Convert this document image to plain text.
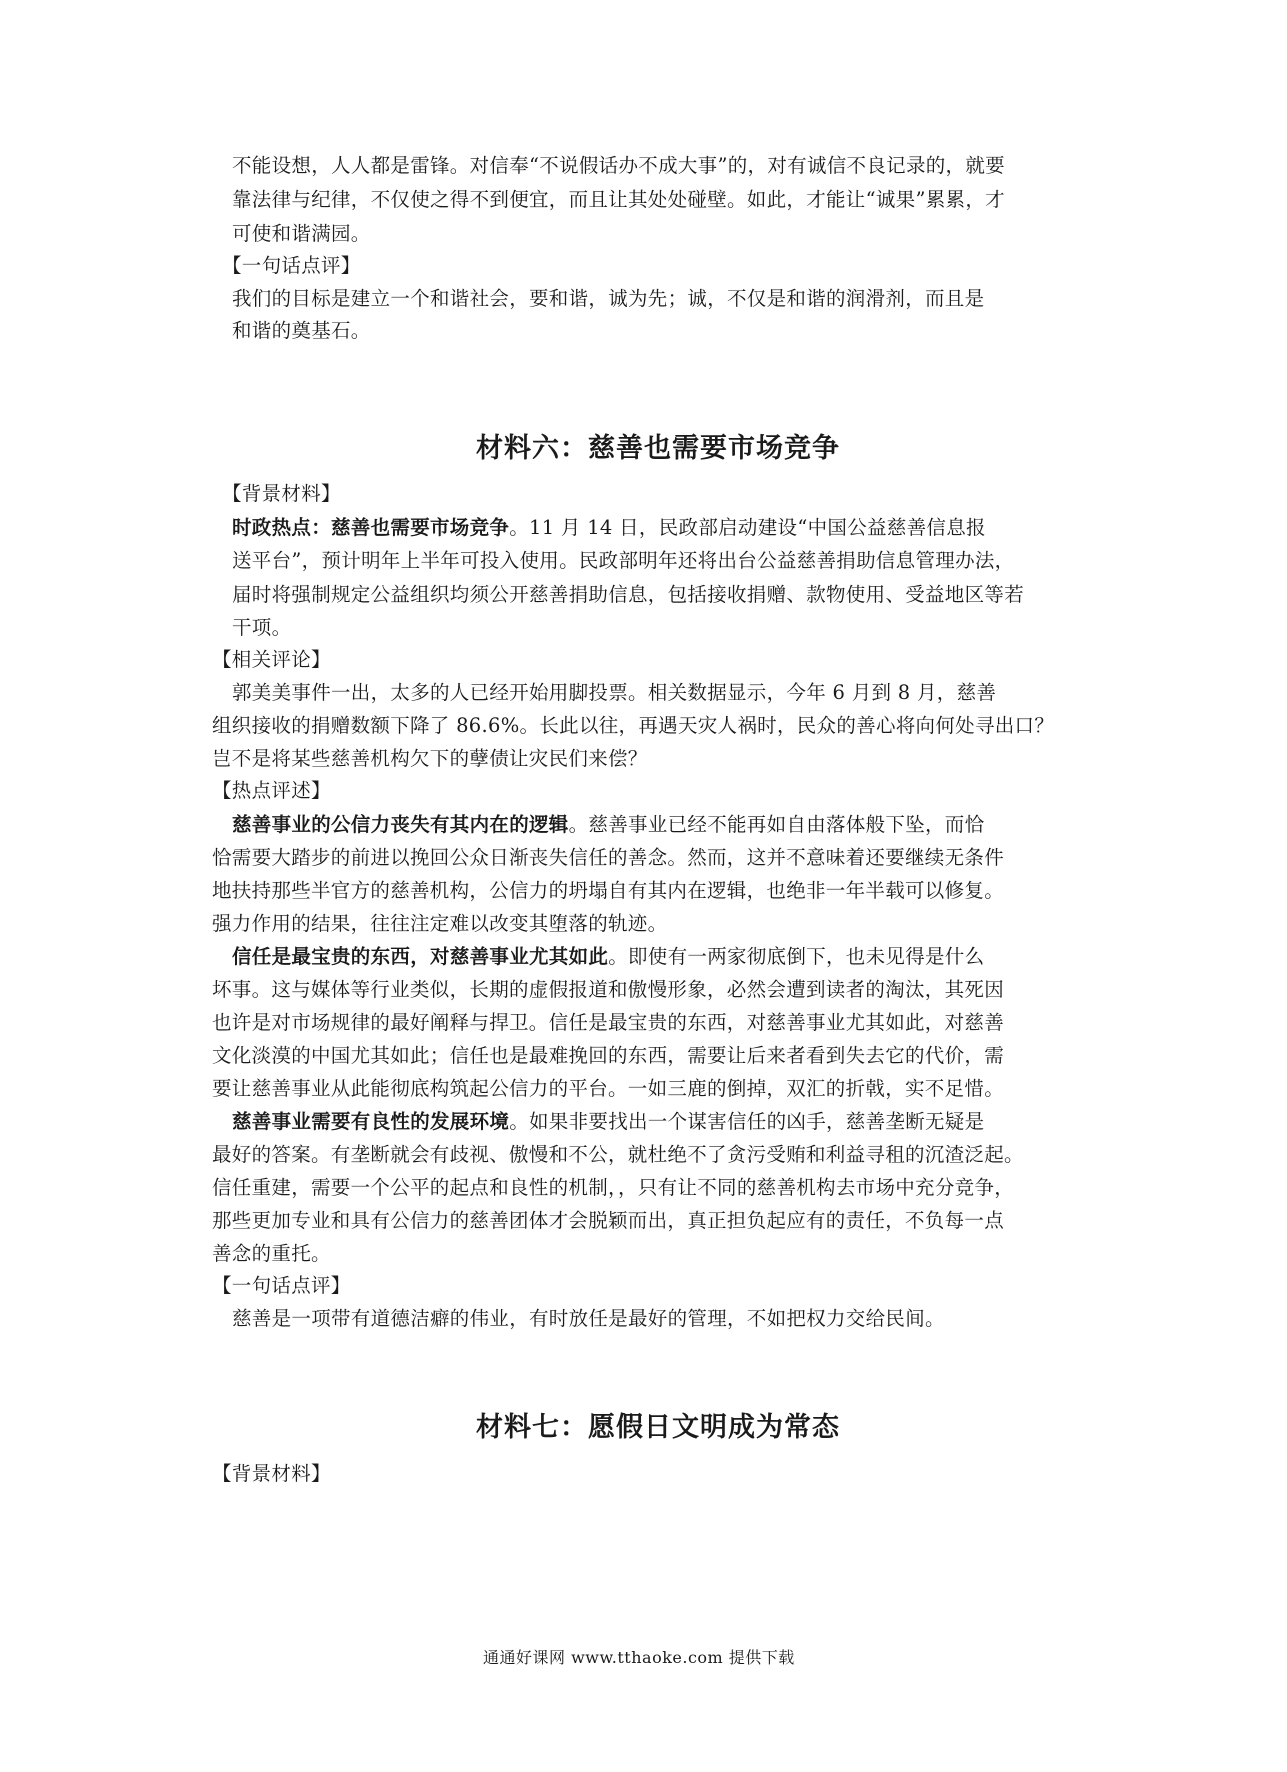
不能设想，人人都是雷锋。对信奉“不说假话办不成大事”的，对有诚信不良记录的，就要
靠法律与纪律，不仅使之得不到便宜，而且让其处处碰壁。如此，才能让“诚果”累累，才
可使和谐满园。
【一句话点评】
我们的目标是建立一个和谐社会，要和谐，诚为先；诚，不仅是和谐的润滑剂，而且是
和谐的奠基石。
材料六：慈善也需要市场竞争
【背景材料】
时政热点：慈善也需要市场竞争。11 月 14 日，民政部启动建设“中国公益慈善信息报
送平台”，预计明年上半年可投入使用。民政部明年还将出台公益慈善捐助信息管理办法，
届时将强制规定公益组织均须公开慈善捐助信息，包括接收捐赠、款物使用、受益地区等若
干项。
【相关评论】
郭美美事件一出，太多的人已经开始用脚投票。相关数据显示，今年 6 月到 8 月，慈善
组织接收的捐赠数额下降了 86.6%。长此以往，再遇天灾人祸时，民众的善心将向何处寻出口？
岂不是将某些慈善机构欠下的孽债让灾民们来偿？
【热点评述】
慈善事业的公信力丧失有其内在的逻辑。慈善事业已经不能再如自由落体般下坠，而恰
恰需要大踏步的前进以挽回公众日渐丧失信任的善念。然而，这并不意味着还要继续无条件
地扶持那些半官方的慈善机构，公信力的坍塌自有其内在逻辑，也绝非一年半载可以修复。
强力作用的结果，往往注定难以改变其堕落的轨迹。
信任是最宝贵的东西，对慈善事业尤其如此。即使有一两家彻底倒下，也未见得是什么
坏事。这与媒体等行业类似，长期的虚假报道和傲慢形象，必然会遭到读者的淘汰，其死因
也许是对市场规律的最好阐释与捍卫。信任是最宝贵的东西，对慈善事业尤其如此，对慈善
文化淡漠的中国尤其如此；信任也是最难挽回的东西，需要让后来者看到失去它的代价，需
要让慈善事业从此能彻底构筑起公信力的平台。一如三鹿的倒掉，双汇的折戟，实不足惜。
慈善事业需要有良性的发展环境。如果非要找出一个谋害信任的凶手，慈善垄断无疑是
最好的答案。有垄断就会有歧视、傲慢和不公，就杜绝不了贪污受贿和利益寻租的沉渣泛起。
信任重建，需要一个公平的起点和良性的机制，，只有让不同的慈善机构去市场中充分竞争，
那些更加专业和具有公信力的慈善团体才会脱颖而出，真正担负起应有的责任，不负每一点
善念的重托。
【一句话点评】
慈善是一项带有道德洁癖的伟业，有时放任是最好的管理，不如把权力交给民间。
材料七：愿假日文明成为常态
【背景材料】
通通好课网 www.tthaoke.com 提供下载
